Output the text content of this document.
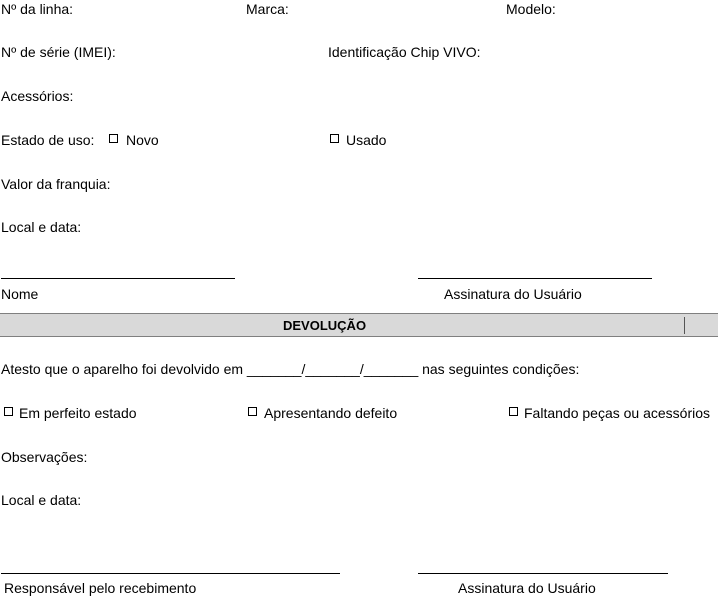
Nº da linha:	Marca:	Modelo:
Nº de série (IMEI):	Identificação Chip VIVO:
Acessórios:
Estado de uso: Novo	Usado
Valor da franquia:
Local e data:
Nome	Assinatura do Usuário
DEVOLUÇÃO
Atesto que o aparelho foi devolvido em _______/_______/_______ nas seguintes condições:
Em perfeito estado	Apresentando defeito	Faltando peças ou acessórios
Observações:
Local e data:
Responsável pelo recebimento	Assinatura do Usuário
